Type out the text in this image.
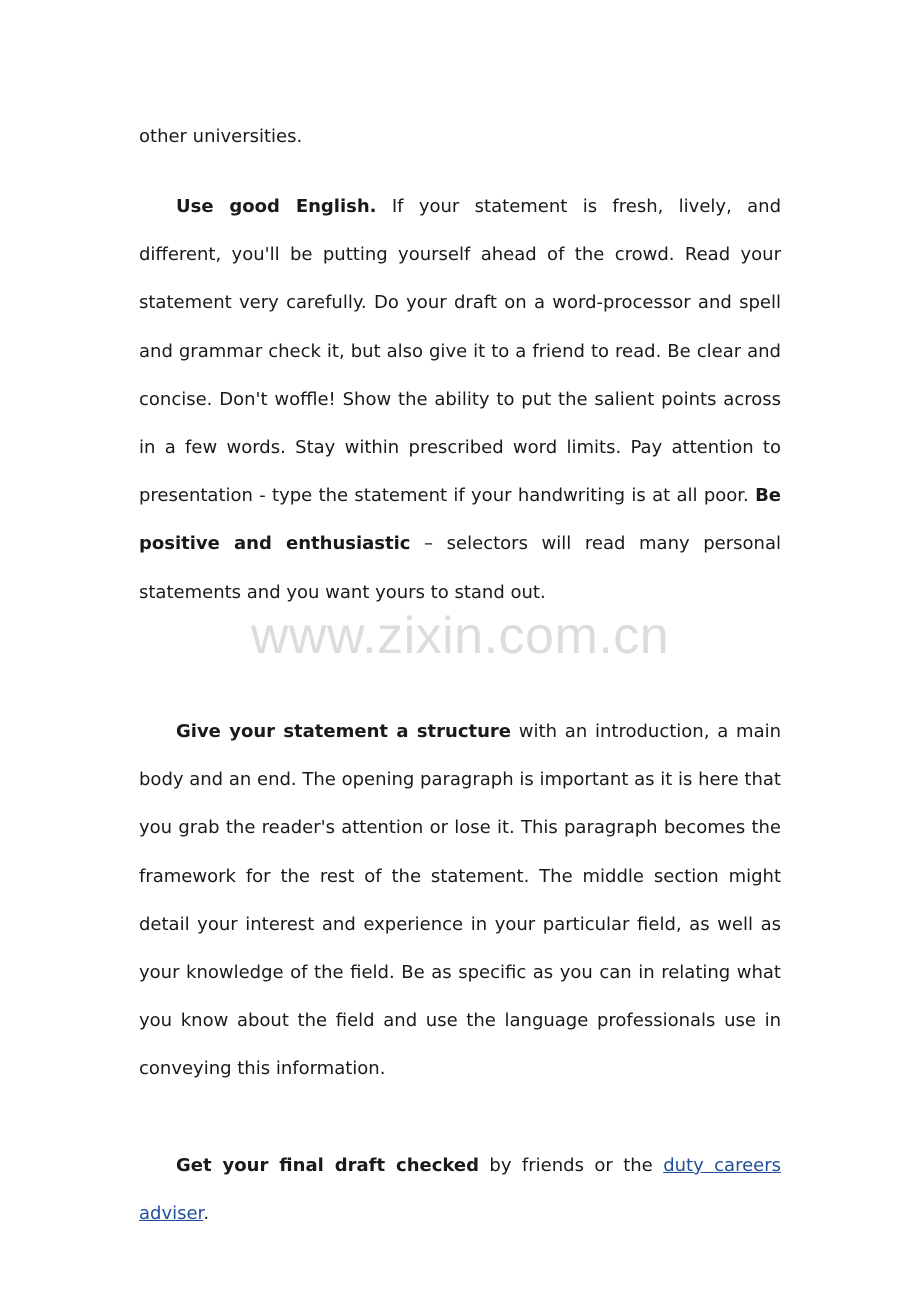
other universities.

Use good English. If your statement is fresh, lively, and different, you'll be putting yourself ahead of the crowd. Read your statement very carefully. Do your draft on a word-processor and spell and grammar check it, but also give it to a friend to read. Be clear and concise. Don't woffle! Show the ability to put the salient points across in a few words. Stay within prescribed word limits. Pay attention to presentation - type the statement if your handwriting is at all poor. Be positive and enthusiastic – selectors will read many personal statements and you want yours to stand out.

Give your statement a structure with an introduction, a main body and an end. The opening paragraph is important as it is here that you grab the reader's attention or lose it. This paragraph becomes the framework for the rest of the statement. The middle section might detail your interest and experience in your particular field, as well as your knowledge of the field. Be as specific as you can in relating what you know about the field and use the language professionals use in conveying this information.

Get your final draft checked by friends or the duty careers adviser.

www.zixin.com.cn
